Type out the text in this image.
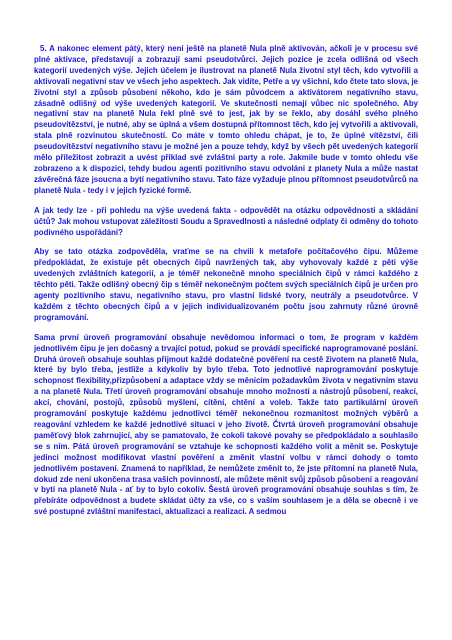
5. A nakonec element pátý, který není ještě na planetě Nula plně aktivován, ačkoli je v procesu své plné aktivace, představují a zobrazují sami pseudotvůrci. Jejich pozice je zcela odlišná od všech kategorií uvedených výše. Jejich účelem je ilustrovat na planetě Nula životní styl těch, kdo vytvořili a aktivovali negativní stav ve všech jeho aspektech. Jak vidíte, Petře a vy všichni, kdo čtete tato slova, je životní styl a způsob působení někoho, kdo je sám původcem a aktivátorem negativního stavu, zásadně odlišný od výše uvedených kategorií. Ve skutečnosti nemají vůbec nic společného. Aby negativní stav na planetě Nula řekl plně své to jest, jak by se řeklo, aby dosáhl svého plného pseudovítězství, je nutné, aby se úplná a všem dostupná přítomnost těch, kdo jej vytvořili a aktivovali, stala plně rozvinutou skutečností. Co máte v tomto ohledu chápat, je to, že úplné vítězství, čili pseudovítězství negativního stavu je možné jen a pouze tehdy, když by všech pět uvedených kategorií mělo příležitost zobrazit a uvést příklad své zvláštní party a role. Jakmile bude v tomto ohledu vše zobrazeno a k dispozici, tehdy budou agenti pozitivního stavu odvoláni z planety Nula a může nastat závěrečná fáze jsoucna a bytí negativního stavu. Tato fáze vyžaduje plnou přítomnost pseudotvůrců na planetě Nula - tedy i v jejich fyzické formě.

A jak tedy lze - při pohledu na výše uvedená fakta - odpovědět na otázku odpovědnosti a skládání účtů? Jak mohou vstupovat záležitosti Soudu a Spravedlnosti a následné odplaty či odměny do tohoto podivného uspořádání?

Aby se tato otázka zodpověděla, vraťme se na chvíli k metafoře počítačového čipu. Můžeme předpokládat, že existuje pět obecných čipů navržených tak, aby vyhovovaly každé z pěti výše uvedených zvláštních kategorií, a je téměř nekonečně mnoho speciálních čipů v rámci každého z těchto pěti. Takže odlišný obecný čip s téměř nekonečným počtem svých speciálních čipů je určen pro agenty pozitivního stavu, negativního stavu, pro vlastní lidské tvory, neutrály a pseudotvůrce. V každém z těchto obecných čipů a v jejich individualizovaném počtu jsou zahrnuty různé úrovně programování.

Sama první úroveň programování obsahuje nevědomou informaci o tom, že program v každém jednotlivém čipu je jen dočasný a trvající potud, pokud se provádí specifické naprogramované poslání. Druhá úroveň obsahuje souhlas přijmout každé dodatečné pověření na cestě životem na planetě Nula, které by bylo třeba, jestliže a kdykoliv by bylo třeba. Toto jednotlivé naprogramování poskytuje schopnost flexibility,přizpůsobení a adaptace vždy se měnícím požadavkům života v negativním stavu a na planetě Nula. Třetí úroveň programování obsahuje mnoho možností a nástrojů působení, reakcí, akcí, chování, postojů, způsobů myšlení, cítění, chtění a voleb. Takže tato partikulární úroveň programování poskytuje každému jednotlivci téměř nekonečnou rozmanitost možných výběrů a reagování vzhledem ke každé jednotlivé situaci v jeho životě. Čtvrtá úroveň programování obsahuje paměťový blok zahrnující, aby se pamatovalo, že cokoli takové povahy se předpokládalo a souhlasilo se s ním. Pátá úroveň programování se vztahuje ke schopnosti každého volit a měnit se. Poskytuje jedinci možnost modifikovat vlastní pověření a změnit vlastní volbu v rámci dohody o tomto jednotlivém postavení. Znamená to například, že nemůžete změnit to, že jste přítomni na planetě Nula, dokud zde není ukončena trasa vašich povinností, ale můžete měnit svůj způsob působení a reagování v bytí na planetě Nula - ať by to bylo cokoliv. Šestá úroveň programování obsahuje souhlas s tím, že přebíráte odpovědnost a budete skládat účty za vše, co s vaším souhlasem je a děla se obecně i ve své postupné zvláštní manifestaci, aktualizaci a realizaci. A sedmou
